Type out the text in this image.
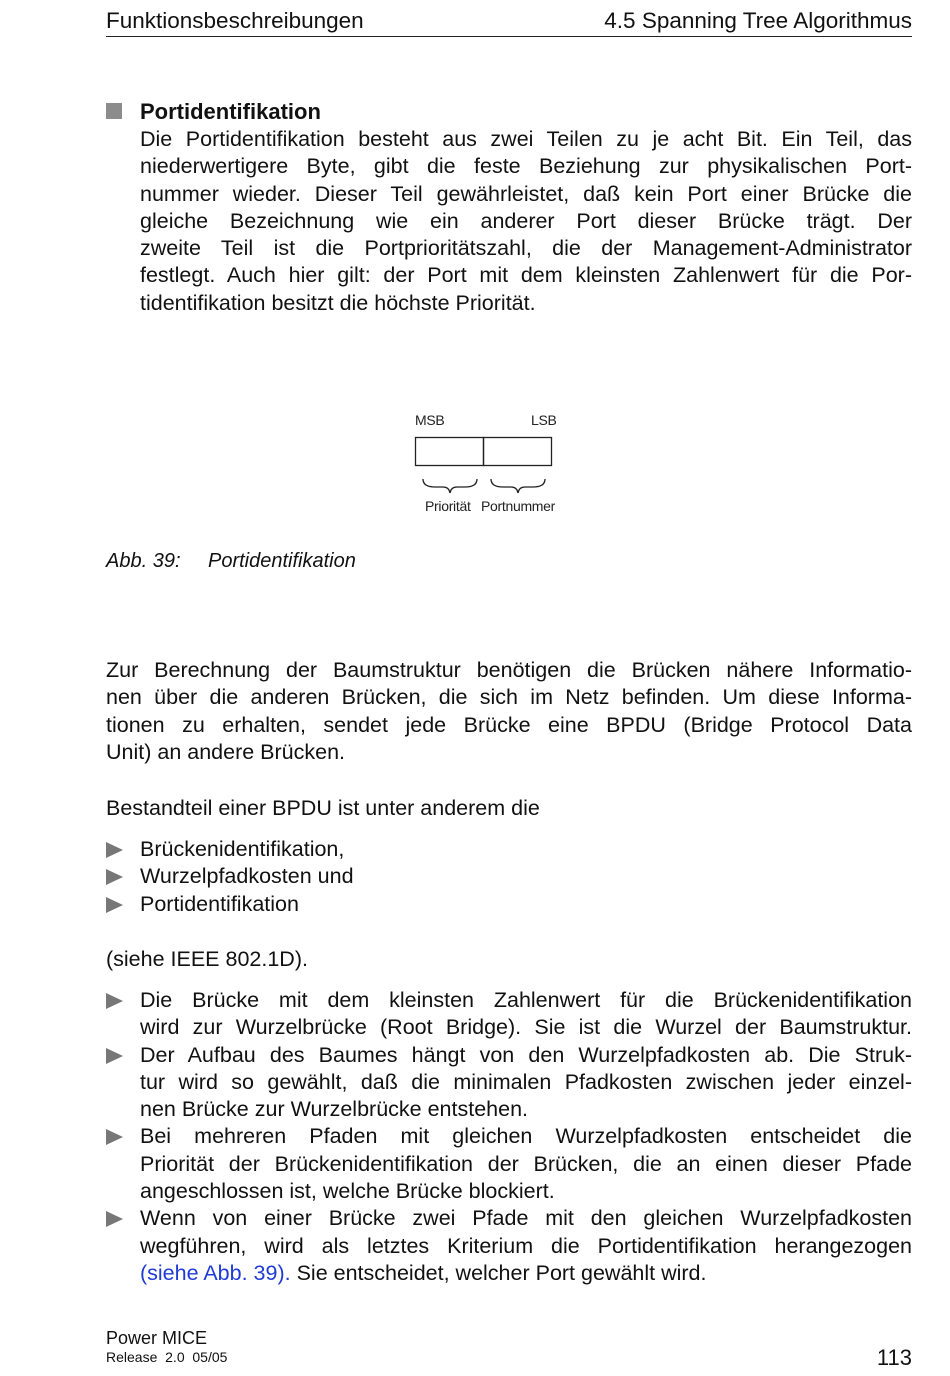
Funktionsbeschreibungen	4.5 Spanning Tree Algorithmus
Portidentifikation
Die Portidentifikation besteht aus zwei Teilen zu je acht Bit. Ein Teil, das
niederwertigere Byte, gibt die feste Beziehung zur physikalischen Port-
nummer wieder. Dieser Teil gewährleistet, daß kein Port einer Brücke die
gleiche Bezeichnung wie ein anderer Port dieser Brücke trägt. Der
zweite Teil ist die Portprioritätszahl, die der Management-Administrator
festlegt. Auch hier gilt: der Port mit dem kleinsten Zahlenwert für die Por-
tidentifikation besitzt die höchste Priorität.
MSB	LSB
Priorität Portnummer
Abb. 39: Portidentifikation
Zur Berechnung der Baumstruktur benötigen die Brücken nähere Informatio-
nen über die anderen Brücken, die sich im Netz befinden. Um diese Informa-
tionen zu erhalten, sendet jede Brücke eine BPDU (Bridge Protocol Data
Unit) an andere Brücken.
Bestandteil einer BPDU ist unter anderem die
Brückenidentifikation,
Wurzelpfadkosten und
Portidentifikation
(siehe IEEE 802.1D).
Die Brücke mit dem kleinsten Zahlenwert für die Brückenidentifikation
wird zur Wurzelbrücke (Root Bridge). Sie ist die Wurzel der Baumstruktur.
Der Aufbau des Baumes hängt von den Wurzelpfadkosten ab. Die Struk-
tur wird so gewählt, daß die minimalen Pfadkosten zwischen jeder einzel-
nen Brücke zur Wurzelbrücke entstehen.
Bei mehreren Pfaden mit gleichen Wurzelpfadkosten entscheidet die
Priorität der Brückenidentifikation der Brücken, die an einen dieser Pfade
angeschlossen ist, welche Brücke blockiert.
Wenn von einer Brücke zwei Pfade mit den gleichen Wurzelpfadkosten
wegführen, wird als letztes Kriterium die Portidentifikation herangezogen
(siehe Abb. 39). Sie entscheidet, welcher Port gewählt wird.
Power MICE
Release  2.0  05/05	113
